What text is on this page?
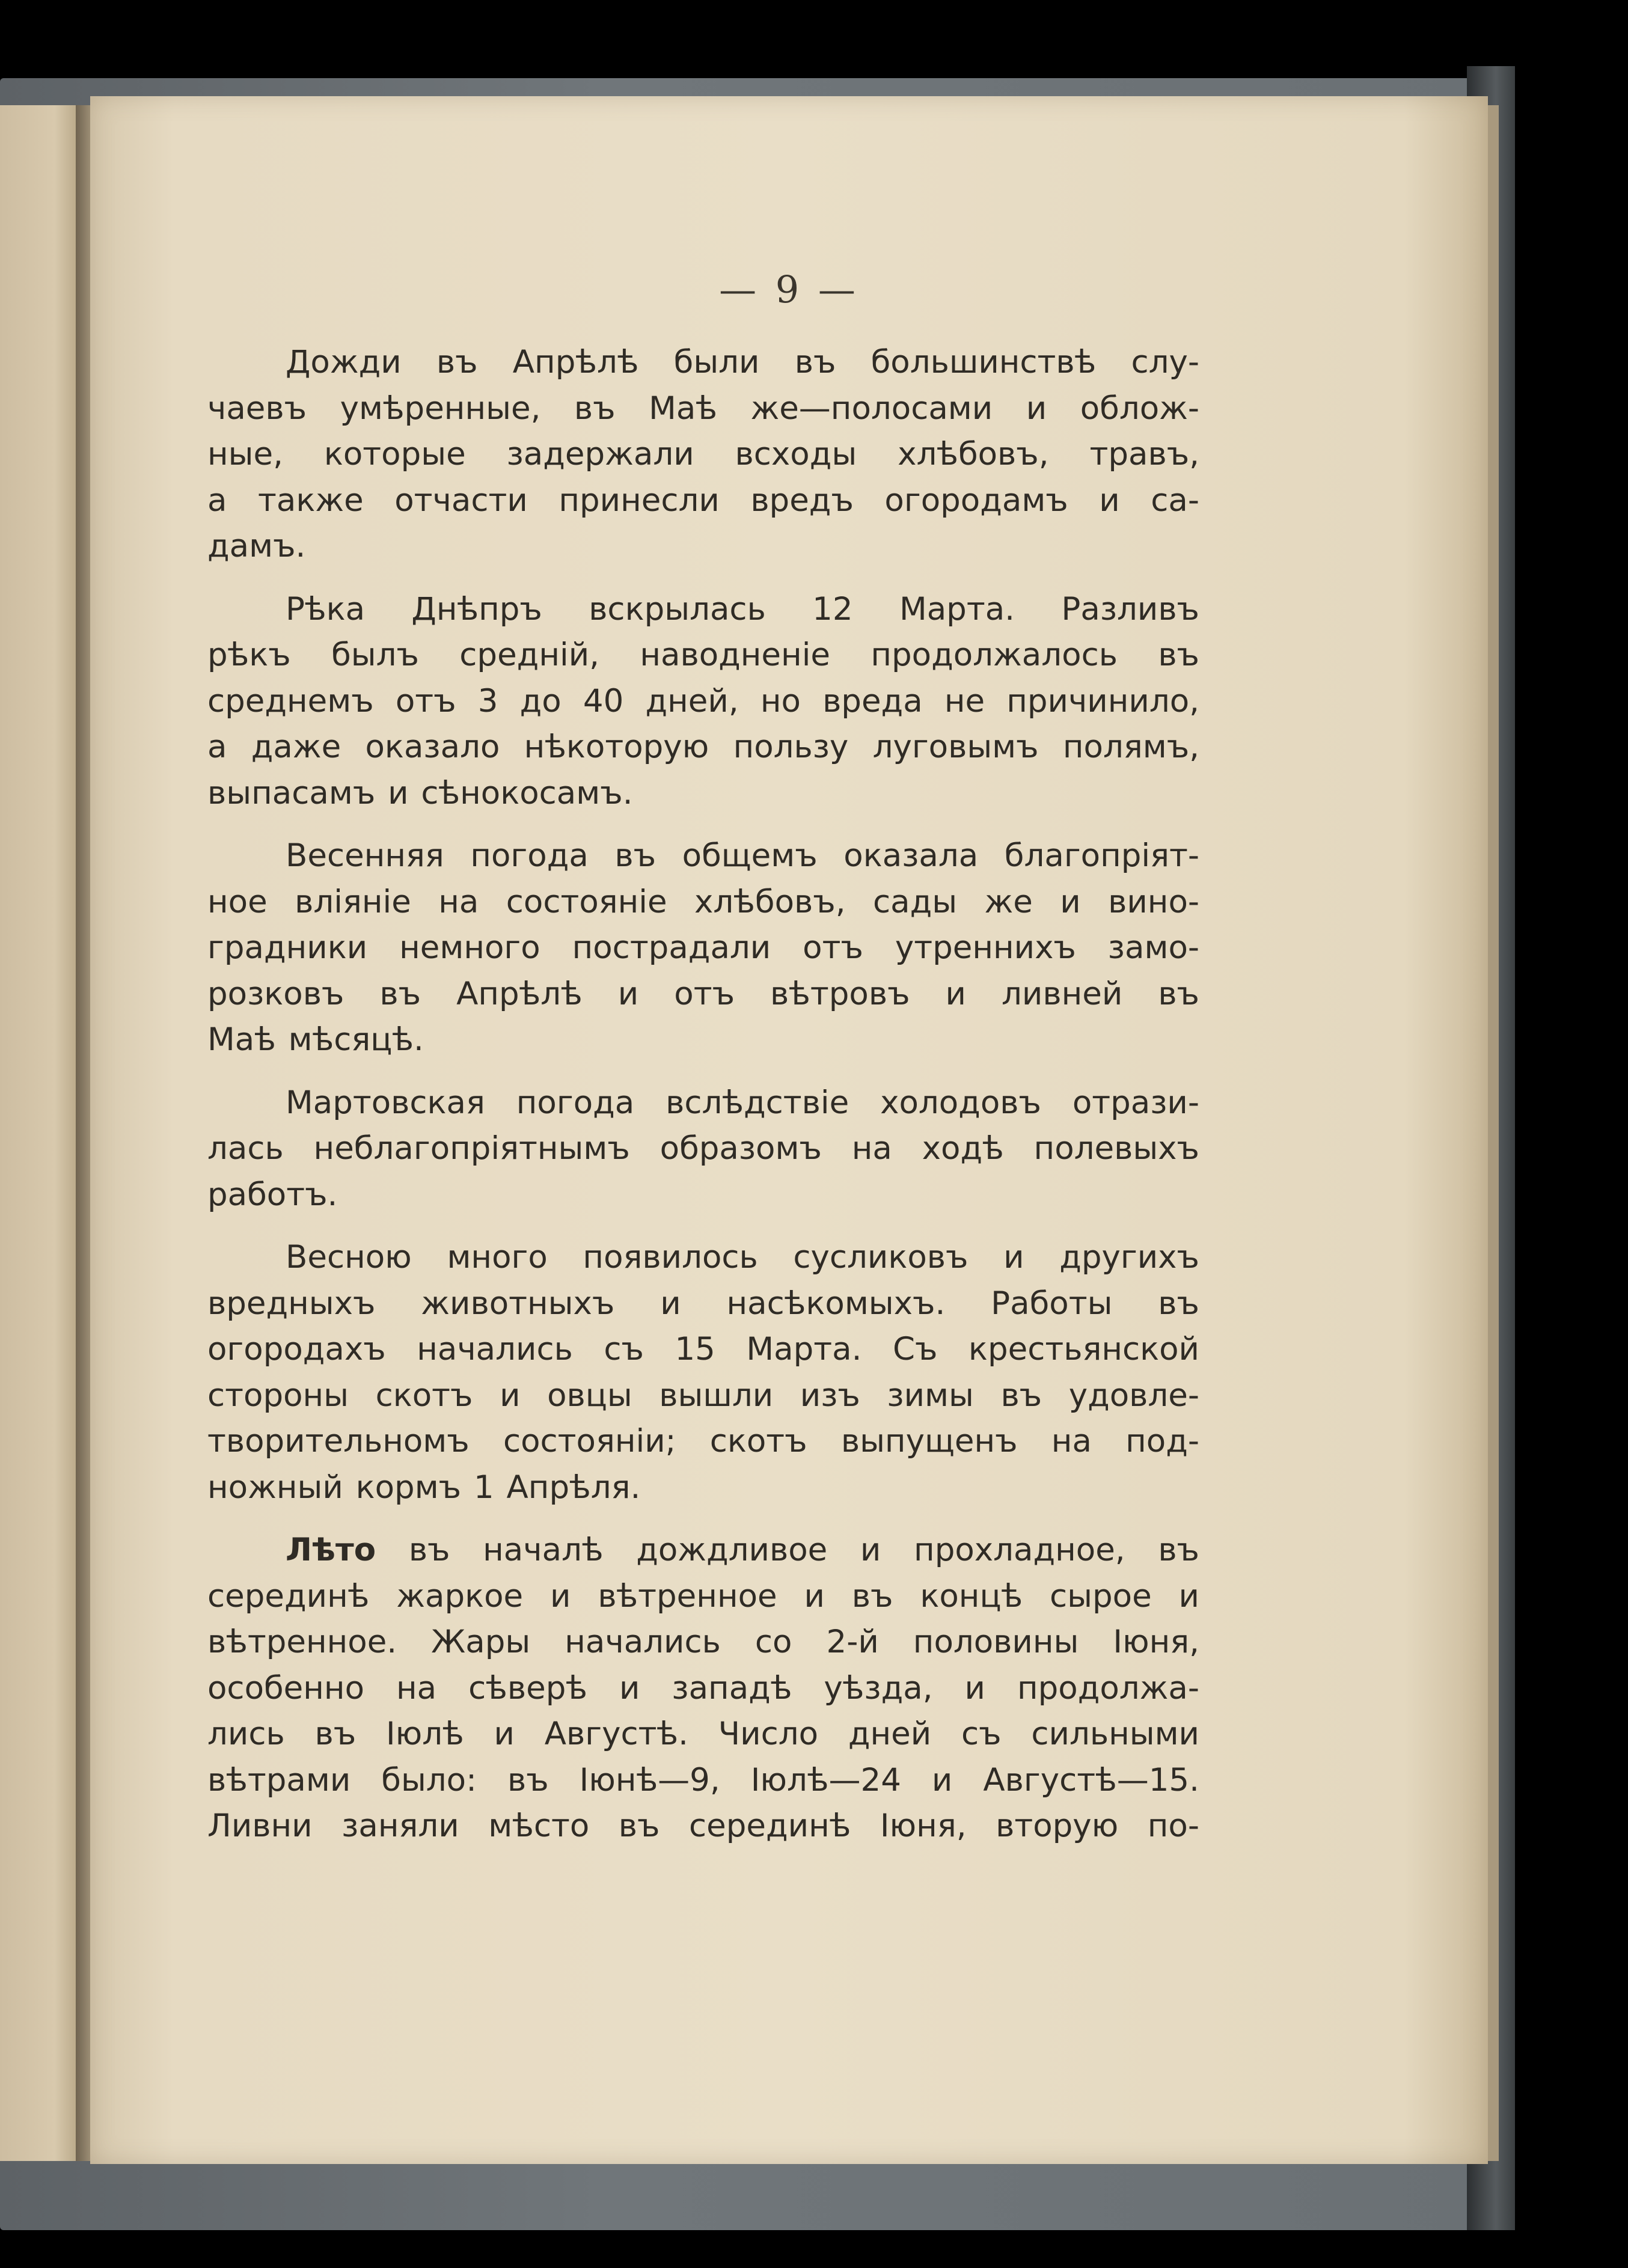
— 9 —
Дожди въ Апрѣлѣ были въ большинствѣ слу-
чаевъ умѣренные, въ Маѣ же—полосами и облож-
ные, которые задержали всходы хлѣбовъ, травъ,
а также отчасти принесли вредъ огородамъ и са-
дамъ.
Рѣка Днѣпръ вскрылась 12 Марта. Разливъ
рѣкъ былъ среднiй, наводненiе продолжалось въ
среднемъ отъ 3 до 40 дней, но вреда не причинило,
а даже оказало нѣкоторую пользу луговымъ полямъ,
выпасамъ и сѣнокосамъ.
Весенняя погода въ общемъ оказала благопрiят-
ное влiянiе на состоянiе хлѣбовъ, сады же и вино-
градники немного пострадали отъ утреннихъ замо-
розковъ въ Апрѣлѣ и отъ вѣтровъ и ливней въ
Маѣ мѣсяцѣ.
Мартовская погода вслѣдствiе холодовъ отрази-
лась неблагопрiятнымъ образомъ на ходѣ полевыхъ
работъ.
Весною много появилось сусликовъ и другихъ
вредныхъ животныхъ и насѣкомыхъ. Работы въ
огородахъ начались съ 15 Марта. Съ крестьянской
стороны скотъ и овцы вышли изъ зимы въ удовле-
творительномъ состоянiи; скотъ выпущенъ на под-
ножный кормъ 1 Апрѣля.
Лѣто въ началѣ дождливое и прохладное, въ
серединѣ жаркое и вѣтренное и въ концѣ сырое и
вѣтренное. Жары начались со 2-й половины Iюня,
особенно на сѣверѣ и западѣ уѣзда, и продолжа-
лись въ Iюлѣ и Августѣ. Число дней съ сильными
вѣтрами было: въ Iюнѣ—9, Iюлѣ—24 и Августѣ—15.
Ливни заняли мѣсто въ серединѣ Iюня, вторую по-
